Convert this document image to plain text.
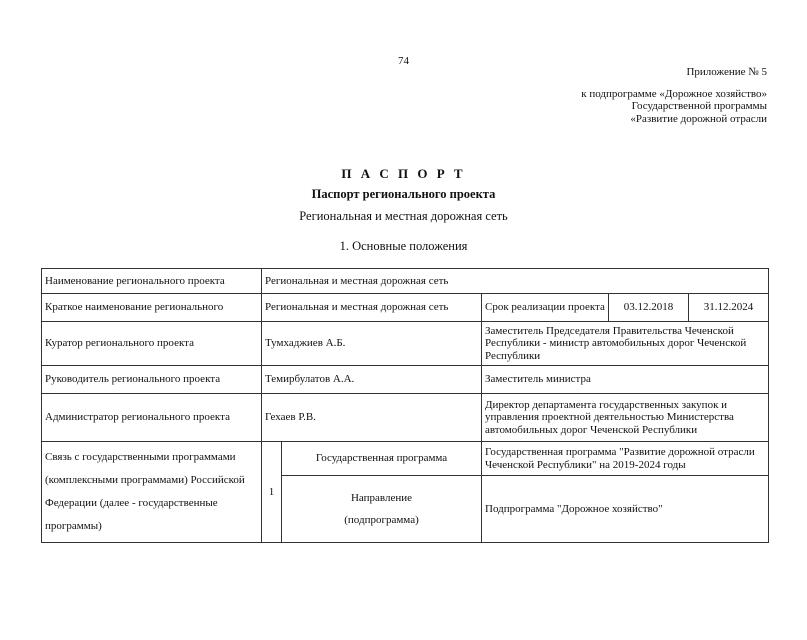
74
Приложение № 5
к подпрограмме «Дорожное хозяйство»
Государственной программы
«Развитие дорожной отрасли
П А С П О Р Т
Паспорт регионального проекта
Региональная и местная дорожная сеть
1. Основные положения
Наименование регионального проекта	Региональная и местная дорожная сеть				
Краткое наименование регионального	Региональная и местная дорожная сеть		Срок реализации проекта	03.12.2018	31.12.2024
Куратор регионального проекта	Тумхаджиев А.Б.		Заместитель Председателя Правительства Чеченской Республики - министр автомобильных дорог Чеченской Республики		
Руководитель регионального проекта	Темирбулатов А.А.		Заместитель министра		
Администратор регионального проекта	Гехаев Р.В.		Директор департамента государственных закупок и управления проектной деятельностью Министерства автомобильных дорог Чеченской Республики		
Связь с государственными программами (комплексными программами) Российской Федерации (далее - государственные программы)	1	Государственная программа	Государственная программа "Развитие дорожной отрасли Чеченской Республики" на 2019-2024 годы		

		Направление
(подпрограмма)	Подпрограмма "Дорожное хозяйство"		
